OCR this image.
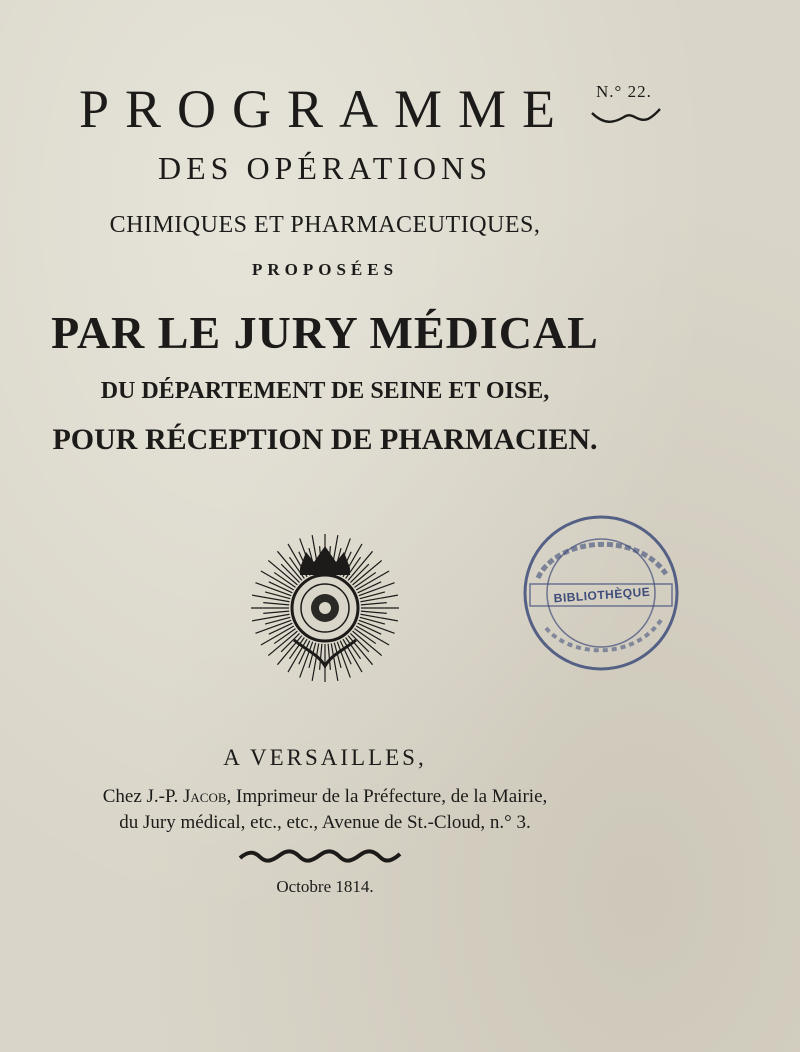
PROGRAMME	N.° 22.
DES OPÉRATIONS
CHIMIQUES ET PHARMACEUTIQUES,
PROPOSÉES
PAR LE JURY MÉDICAL
DU DÉPARTEMENT DE SEINE ET OISE,
POUR RÉCEPTION DE PHARMACIEN.
BIBLIOTHÈQUE
A VERSAILLES,
Chez J.-P. Jacob, Imprimeur de la Préfecture, de la Mairie,
du Jury médical, etc., etc., Avenue de St.-Cloud, n.° 3.
Octobre 1814.
